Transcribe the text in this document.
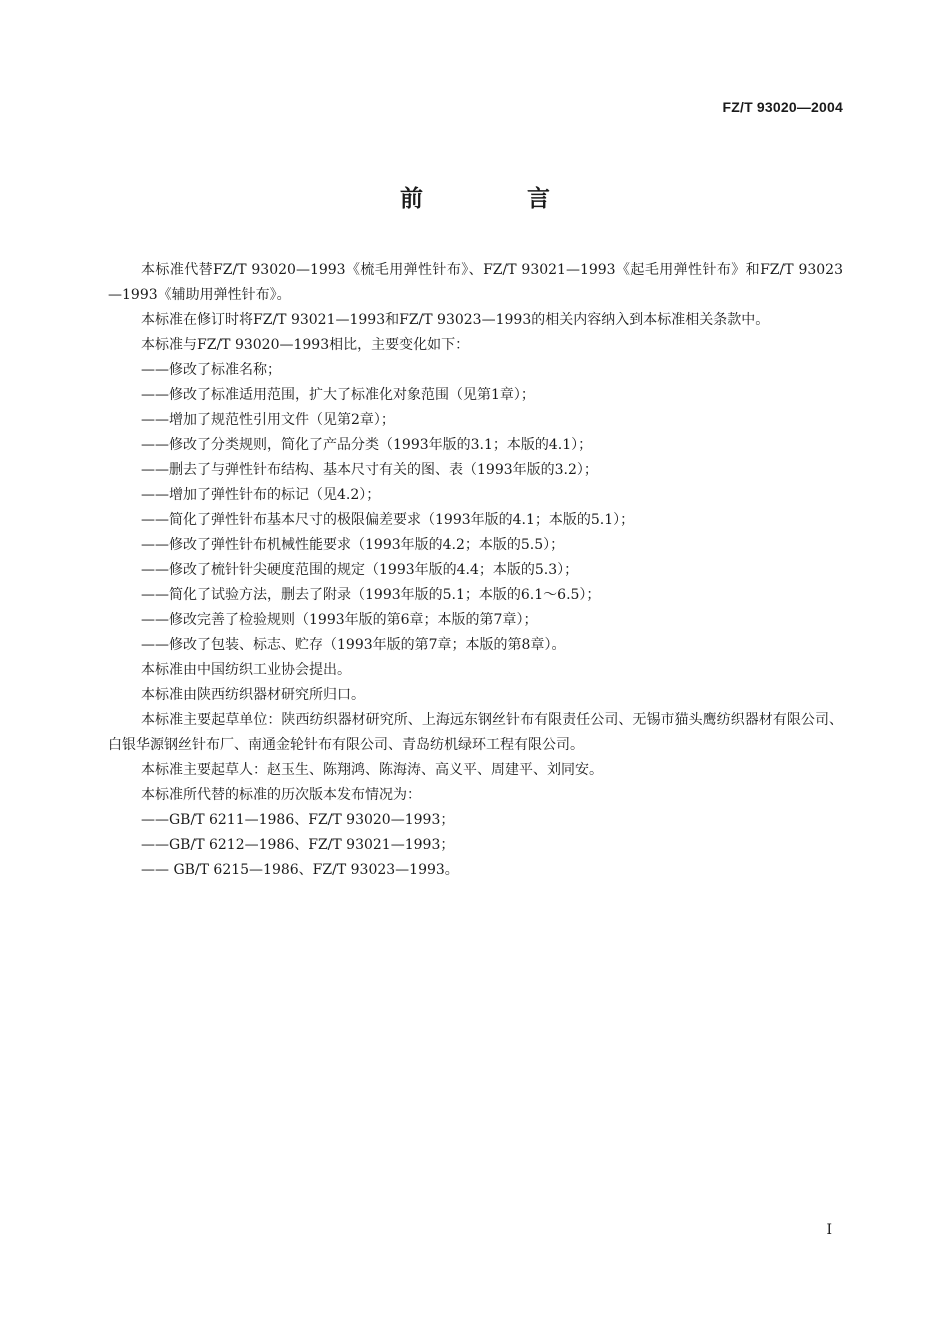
FZ/T 93020—2004
前 言

本标准代替FZ/T 93020—1993《梳毛用弹性针布》、FZ/T 93021—1993《起毛用弹性针布》和FZ/T 93023—1993《辅助用弹性针布》。

本标准在修订时将FZ/T 93021—1993和FZ/T 93023—1993的相关内容纳入到本标准相关条款中。

本标准与FZ/T 93020—1993相比，主要变化如下：

——修改了标准名称；

——修改了标准适用范围，扩大了标准化对象范围（见第1章）；

——增加了规范性引用文件（见第2章）；

——修改了分类规则，简化了产品分类（1993年版的3.1；本版的4.1）；

——删去了与弹性针布结构、基本尺寸有关的图、表（1993年版的3.2）；

——增加了弹性针布的标记（见4.2）；

——简化了弹性针布基本尺寸的极限偏差要求（1993年版的4.1；本版的5.1）；

——修改了弹性针布机械性能要求（1993年版的4.2；本版的5.5）；

——修改了梳针针尖硬度范围的规定（1993年版的4.4；本版的5.3）；

——简化了试验方法，删去了附录（1993年版的5.1；本版的6.1～6.5）；

——修改完善了检验规则（1993年版的第6章；本版的第7章）；

——修改了包装、标志、贮存（1993年版的第7章；本版的第8章）。

本标准由中国纺织工业协会提出。

本标准由陕西纺织器材研究所归口。

本标准主要起草单位：陕西纺织器材研究所、上海远东钢丝针布有限责任公司、无锡市猫头鹰纺织器材有限公司、白银华源钢丝针布厂、南通金轮针布有限公司、青岛纺机绿环工程有限公司。

本标准主要起草人：赵玉生、陈翔鸿、陈海涛、高义平、周建平、刘同安。

本标准所代替的标准的历次版本发布情况为：

——GB/T 6211—1986、FZ/T 93020—1993；

——GB/T 6212—1986、FZ/T 93021—1993；

—— GB/T 6215—1986、FZ/T 93023—1993。

I
